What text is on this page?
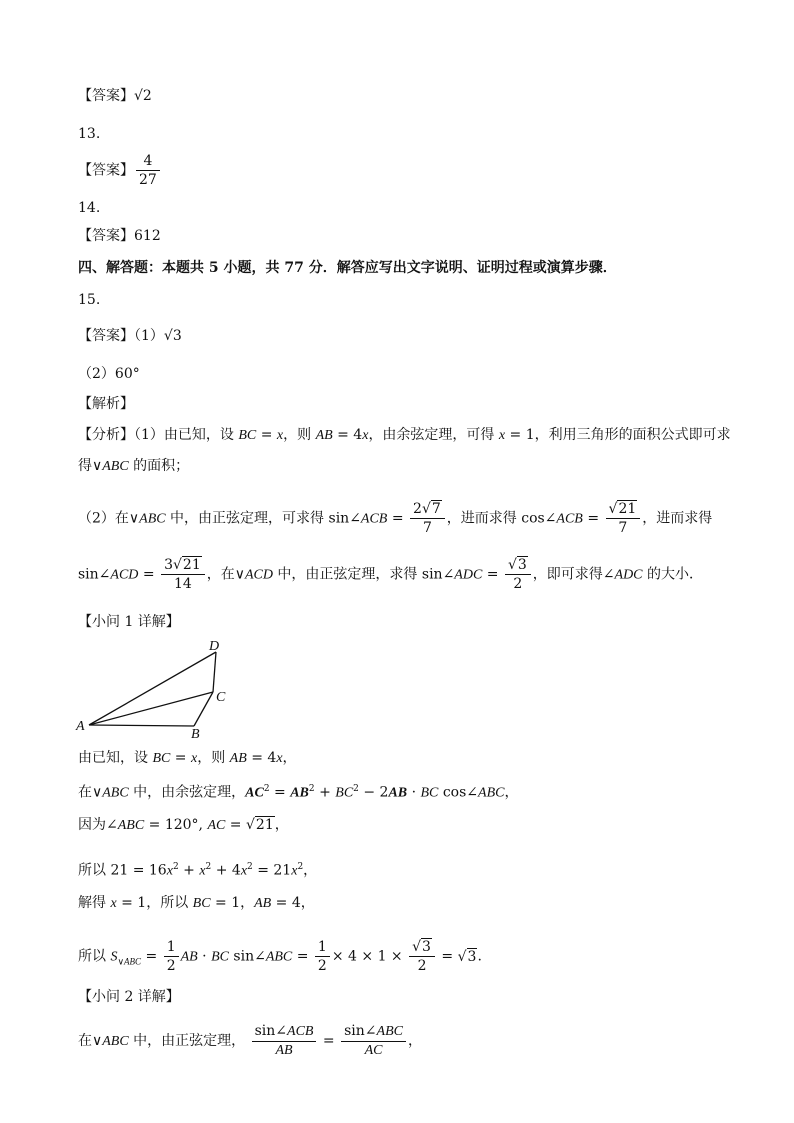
【答案】√2
13.
【答案】 $\frac{4}{27}$
14.
【答案】612
四、解答题：本题共 5 小题，共 77 分．解答应写出文字说明、证明过程或演算步骤．
15.
【答案】（1）√3
（2）60°
【解析】
【分析】（1）由已知，设 BC = x，则 AB = 4x，由余弦定理，可得 x = 1，利用三角形的面积公式即可求
得∨ABC 的面积；
（2）在∨ABC 中，由正弦定理，可求得 sin∠ACB = $\frac{2√7}{7}$ ，进而求得 cos∠ACB = $\frac{√21}{7}$ ，进而求得
sin∠ACD = $\frac{3√21}{14}$ ，在∨ACD 中，由正弦定理，求得 sin∠ADC = $\frac{√3}{2}$ ，即可求得∠ADC 的大小．
【小问 1 详解】
A
B
C
D
由已知，设 BC = x，则 AB = 4x，
在∨ABC 中，由余弦定理，$AC^2 = AB^2 + BC^2 - 2AB$ · BC cos∠ABC，
因为∠ABC = 120°, AC = √21，
所以 $21 = 16x^2 + x^2 + 4x^2 = 21x^2$，
解得 x = 1，所以 BC = 1，AB = 4，
所以 $S_{\vee ABC} = \frac{1}{2}$ AB · BC sin∠ABC = $\frac{1}{2} \times 4 \times 1 \times \frac{√3}{2} = √3$.
【小问 2 详解】
在∨ABC 中，由正弦定理， $\frac{\text{sin∠ACB}}{AB} = \frac{\text{sin∠ABC}}{AC}$ ，
